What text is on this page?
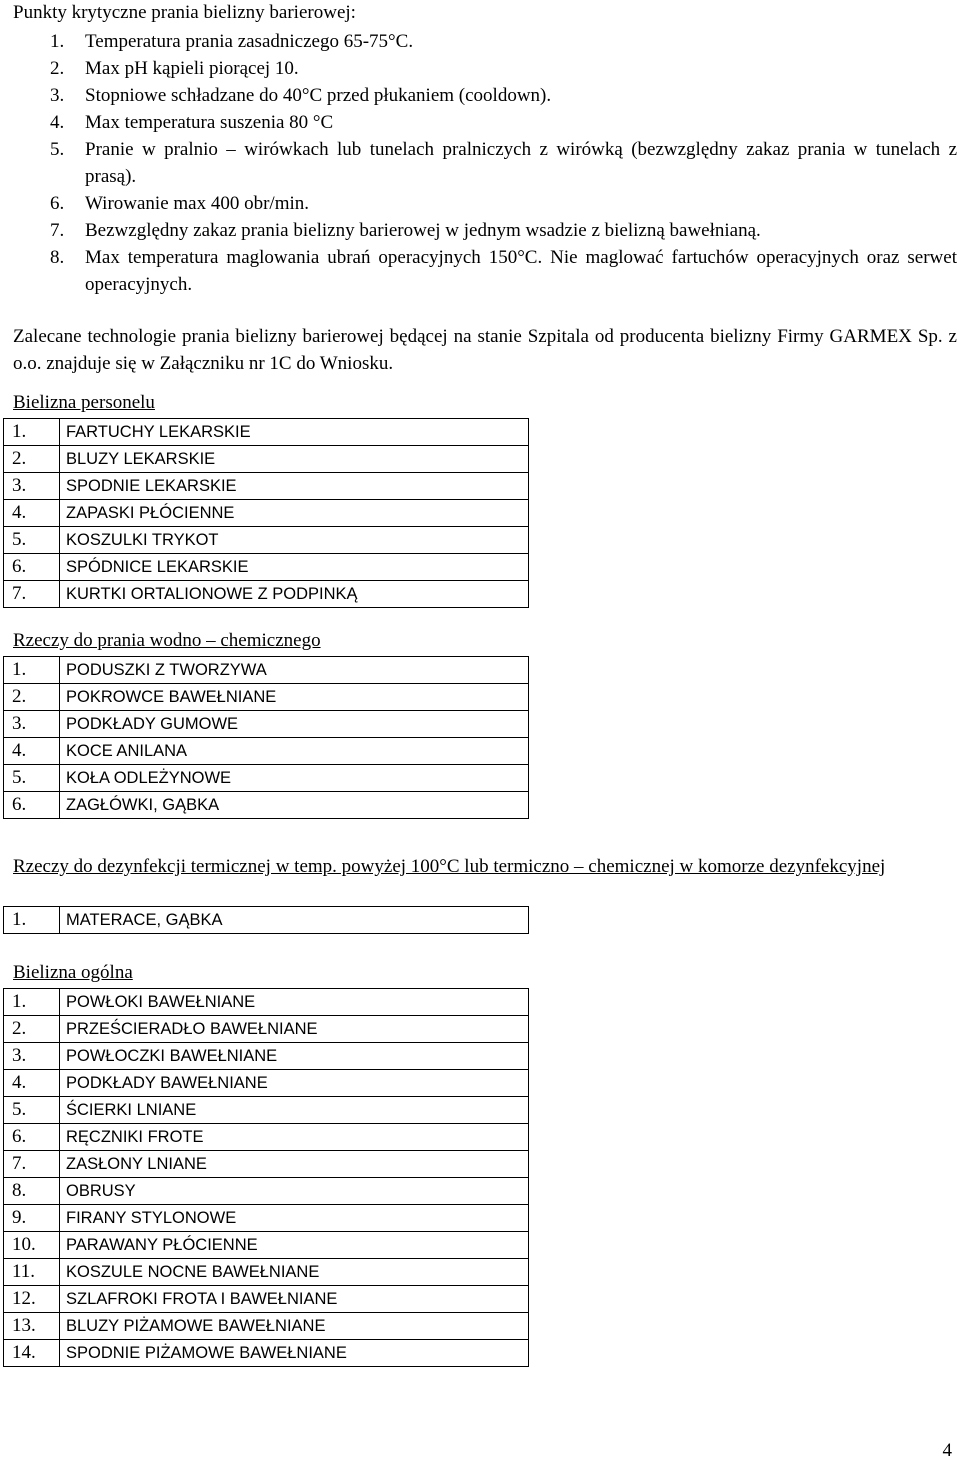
Punkty krytyczne prania bielizny barierowej:
1. Temperatura prania zasadniczego 65-75°C.
2. Max pH kąpieli piorącej 10.
3. Stopniowe schładzane do 40°C przed płukaniem (cooldown).
4. Max temperatura suszenia 80 °C
5. Pranie w pralnio – wirówkach lub tunelach pralniczych z wirówką (bezwzględny zakaz prania w tunelach z prasą).
6. Wirowanie max 400 obr/min.
7. Bezwzględny zakaz prania bielizny barierowej w jednym wsadzie z bielizną bawełnianą.
8. Max temperatura maglowania ubrań operacyjnych 150°C. Nie maglować fartuchów operacyjnych oraz serwet operacyjnych.
Zalecane technologie prania bielizny barierowej będącej na stanie Szpitala od producenta bielizny Firmy GARMEX Sp. z o.o. znajduje się w Załączniku nr 1C do Wniosku.
Bielizna personelu
1.	FARTUCHY LEKARSKIE
2.	BLUZY LEKARSKIE
3.	SPODNIE LEKARSKIE
4.	ZAPASKI PŁÓCIENNE
5.	KOSZULKI TRYKOT
6.	SPÓDNICE LEKARSKIE
7.	KURTKI ORTALIONOWE Z PODPINKĄ
Rzeczy do prania wodno – chemicznego
1.	PODUSZKI Z TWORZYWA
2.	POKROWCE BAWEŁNIANE
3.	PODKŁADY GUMOWE
4.	KOCE ANILANA
5.	KOŁA ODLEŻYNOWE
6.	ZAGŁÓWKI, GĄBKA
Rzeczy do dezynfekcji termicznej w temp. powyżej 100°C lub termiczno – chemicznej w komorze dezynfekcyjnej
1.	MATERACE, GĄBKA
Bielizna ogólna
1.	POWŁOKI BAWEŁNIANE
2.	PRZEŚCIERADŁO BAWEŁNIANE
3.	POWŁOCZKI BAWEŁNIANE
4.	PODKŁADY BAWEŁNIANE
5.	ŚCIERKI LNIANE
6.	RĘCZNIKI FROTE
7.	ZASŁONY LNIANE
8.	OBRUSY
9.	FIRANY STYLONOWE
10.	PARAWANY PŁÓCIENNE
11.	KOSZULE NOCNE BAWEŁNIANE
12.	SZLAFROKI FROTA I BAWEŁNIANE
13.	BLUZY PIŻAMOWE BAWEŁNIANE
14.	SPODNIE PIŻAMOWE BAWEŁNIANE
4
